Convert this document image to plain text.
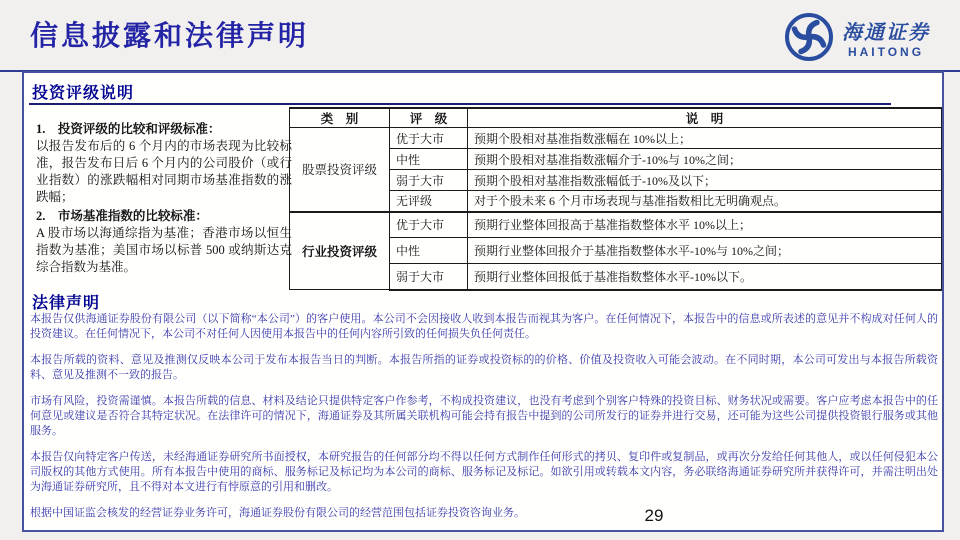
信息披露和法律声明	海通证券
HAITONG
投资评级说明
1.　投资评级的比较和评级标准：
以报告发布后的 6 个月内的市场表现为比较标准，报告发布日后 6 个月内的公司股价（或行业指数）的涨跌幅相对同期市场基准指数的涨跌幅；
2.　市场基准指数的比较标准：
A 股市场以海通综指为基准；香港市场以恒生指数为基准；美国市场以标普 500 或纳斯达克综合指数为基准。
类　别	评　级	说　明
股票投资评级	优于大市	预期个股相对基准指数涨幅在 10%以上；
	中性	预期个股相对基准指数涨幅介于-10%与 10%之间；
	弱于大市	预期个股相对基准指数涨幅低于-10%及以下；
	无评级	对于个股未来 6 个月市场表现与基准指数相比无明确观点。
行业投资评级	优于大市	预期行业整体回报高于基准指数整体水平 10%以上；
	中性	预期行业整体回报介于基准指数整体水平-10%与 10%之间；
	弱于大市	预期行业整体回报低于基准指数整体水平-10%以下。
法律声明

本报告仅供海通证券股份有限公司（以下简称“本公司”）的客户使用。本公司不会因接收人收到本报告而视其为客户。在任何情况下，本报告中的信息或所表述的意见并不构成对任何人的投资建议。在任何情况下，本公司不对任何人因使用本报告中的任何内容所引致的任何损失负任何责任。

本报告所载的资料、意见及推测仅反映本公司于发布本报告当日的判断。本报告所指的证券或投资标的的价格、价值及投资收入可能会波动。在不同时期，本公司可发出与本报告所载资料、意见及推测不一致的报告。

市场有风险，投资需谨慎。本报告所载的信息、材料及结论只提供特定客户作参考，不构成投资建议，也没有考虑到个别客户特殊的投资目标、财务状况或需要。客户应考虑本报告中的任何意见或建议是否符合其特定状况。在法律许可的情况下，海通证券及其所属关联机构可能会持有报告中提到的公司所发行的证券并进行交易，还可能为这些公司提供投资银行服务或其他服务。

本报告仅向特定客户传送，未经海通证券研究所书面授权，本研究报告的任何部分均不得以任何方式制作任何形式的拷贝、复印件或复制品，或再次分发给任何其他人，或以任何侵犯本公司版权的其他方式使用。所有本报告中使用的商标、服务标记及标记均为本公司的商标、服务标记及标记。如欲引用或转载本文内容，务必联络海通证券研究所并获得许可，并需注明出处为海通证券研究所，且不得对本文进行有悖原意的引用和删改。

根据中国证监会核发的经营证券业务许可，海通证券股份有限公司的经营范围包括证券投资咨询业务。	29
